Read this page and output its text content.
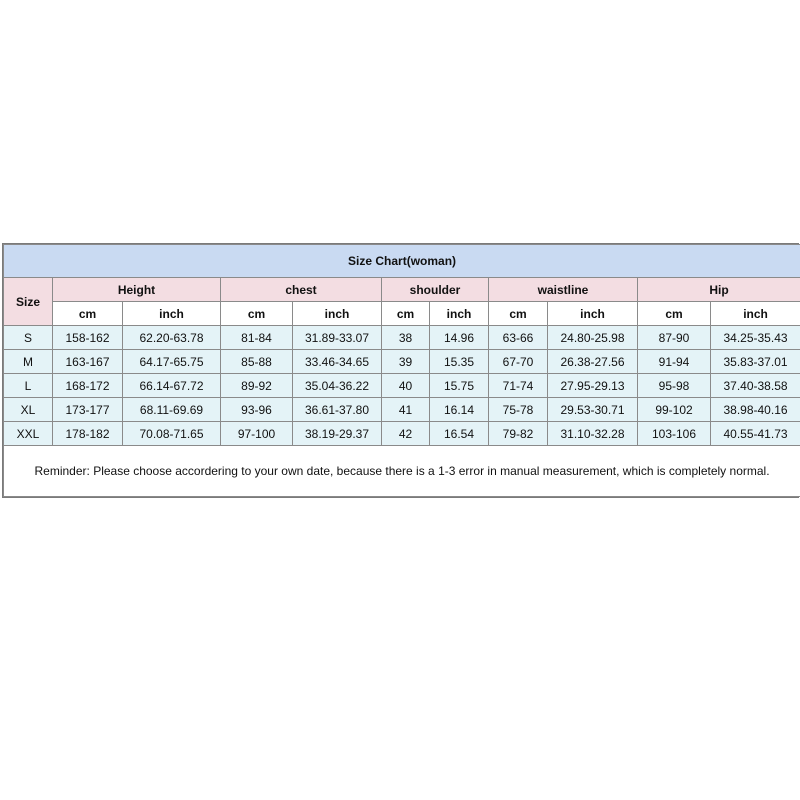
Size Chart(woman)										
Size	Height		chest		shoulder		waistline		Hip	
	cm	inch	cm	inch	cm	inch	cm	inch	cm	inch
S	158-162	62.20-63.78	81-84	31.89-33.07	38	14.96	63-66	24.80-25.98	87-90	34.25-35.43
M	163-167	64.17-65.75	85-88	33.46-34.65	39	15.35	67-70	26.38-27.56	91-94	35.83-37.01
L	168-172	66.14-67.72	89-92	35.04-36.22	40	15.75	71-74	27.95-29.13	95-98	37.40-38.58
XL	173-177	68.11-69.69	93-96	36.61-37.80	41	16.14	75-78	29.53-30.71	99-102	38.98-40.16
XXL	178-182	70.08-71.65	97-100	38.19-29.37	42	16.54	79-82	31.10-32.28	103-106	40.55-41.73
Reminder: Please choose accordering to your own date, because there is a 1-3 error in manual measurement, which is completely normal.										
